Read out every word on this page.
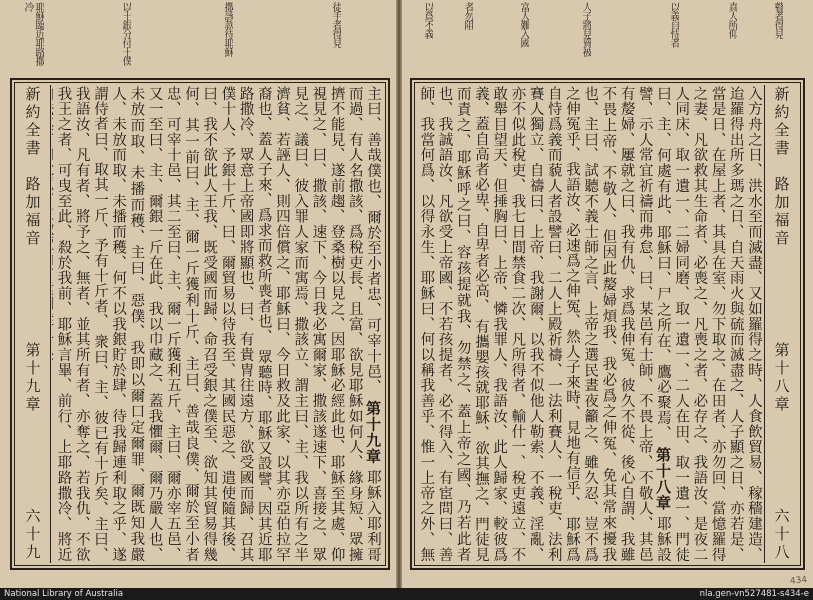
耶穌臨近耶路撒冷	以十銀分付十僕	撒該款待耶穌	徒手者得見
新約全書
路加福音
第十九章
六十九
主曰、善哉僕也、爾於至小者忠、可宰十邑、 第十九章 耶穌入耶利哥而過、有人名撒該、爲稅吏長、且富、欲見耶穌如何人、緣身短、眾擁擠不能見、遂前趨、登桑樹以見之、因耶穌必經此也、耶穌至其處、仰視見之、曰、撒該、速下、今日我必寓爾家、撒該遂速下、喜接之、眾見之、議曰、彼入罪人家而寓焉、撒該立、謂主曰、主、我以所有之半濟貧、若誣人、則四倍償之、耶穌曰、今日救及此家、以其亦亞伯拉罕裔也、蓋人子來、爲求而救所喪者也、 眾聽時、耶穌又設譬、因其近耶路撒冷、眾意上帝國即將顯也、曰、有貴冑往遠方、欲受國而歸、召其僕十人、予銀十斤、曰、爾貿易以待我至、其國民惡之、遣使隨其後、曰、我不欲此人王我、既受國而歸、命召受銀之僕至、欲知其貿易得幾何、其一前曰、主、爾一斤獲利十斤、主曰、善哉良僕、爾於至小者忠、可宰十邑、其二至曰、主、爾一斤獲利五斤、主曰、爾亦宰五邑、又一至曰、主、爾銀一斤在此、我以巾藏之、蓋我懼爾、爾乃嚴人也、未放而取、未播而穫、主曰、惡僕、我即以爾口定爾罪、爾既知我嚴人、未放而取、未播而穫、何不以我銀貯於肆、待我歸連利取之乎、遂謂侍者曰、取其一斤、予有十斤者、 衆曰、主、彼已有十斤矣、主曰、我語汝、凡有者、將予之、無者、並其所有者、亦奪之、若我仇、不欲我王之者、可曳至此、殺於我前、耶穌言畢、前行、上耶路撒冷、將近
以爲不義	者勿阻	富人難入國	人子將見賣被	以義自恃者	真人所仰	瞽者得見
新約全書
路加福音
第十八章
六十八
入方舟之日、洪水至而滅盡、又如羅得之時、人食飲貿易、稼穡建造、迨羅得出所多瑪之日、自天雨火與硫而滅盡之、人子顯之日、亦若是、當是日、在屋上者、其具在室、勿下取之、在田者、亦勿回、當憶羅得之妻、凡欲救其生命者、必喪之、凡喪之者、必存之、我語汝、是夜二人同床、取一遺一、二婦同磨、取一遺一、二人在田、取一遺一、門徒曰、主、何處有此、耶穌曰、尸之所在、鷹必聚焉、 第十八章 耶穌設譬、示人常宜祈禱而弗怠、曰、某邑有士師、不畏上帝、不敬人、其邑有嫠婦、屢就之曰、我有仇、求爲我伸冤、彼久不從、後心自謂、我雖不畏上帝、不敬人、但因此嫠婦煩我、我必爲之伸冤、免其常來擾我也、主曰、試聽不義士師之言、上帝之選民晝夜籲之、雖久忍、豈不爲之伸冤乎、我語汝、必速爲之伸冤、然人子來時、見地有信乎、 耶穌爲自恃爲義而藐人者設譬曰、二人上殿祈禱、一法利賽人、一稅吏、法利賽人獨立、自禱曰、上帝、我謝爾、以我不似他人勒索、不義、淫亂、亦不似此稅吏、我七日間禁食二次、凡所得者、輸什一、稅吏遠立、不敢舉目望天、但捶胸曰、上帝、憐我罪人、我語汝、此人歸家、較彼爲義、蓋自高者必卑、自卑者必高、 有攜嬰孩就耶穌、欲其撫之、門徒見而責之、耶穌呼之曰、容孩提就我、勿禁之、蓋上帝之國、乃若此者也、我誠語汝、凡欲受上帝國、不若孩提者、必不得入、有宦問曰、善師、我當何爲、以得永生、耶穌曰、何以稱我善乎、惟一上帝之外、無
434
National Library of Australia	nla.gen-vn527481-s434-e
